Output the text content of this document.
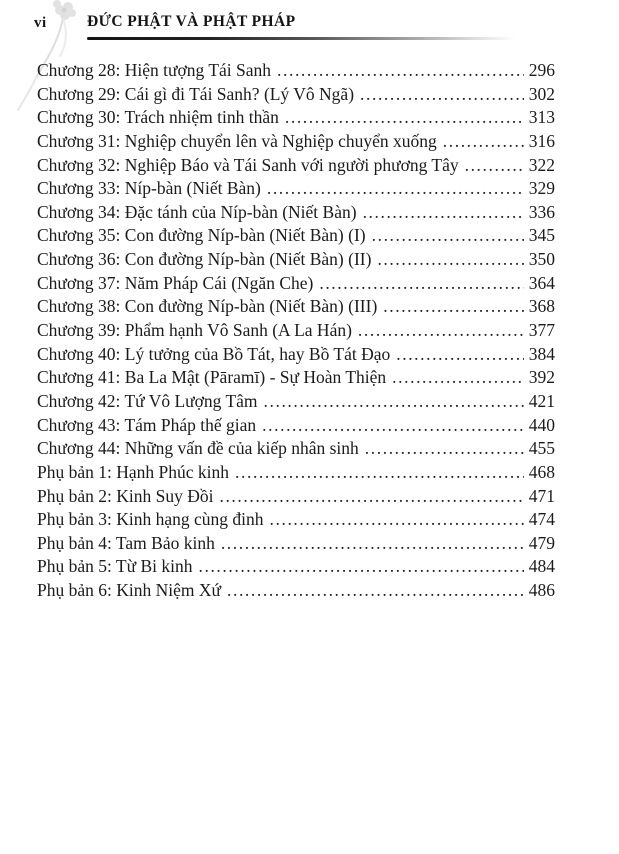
vi	ĐỨC PHẬT VÀ PHẬT PHÁP
Chương 28: Hiện tượng Tái Sanh .....	296
Chương 29: Cái gì đi Tái Sanh? (Lý Vô Ngã) .....	302
Chương 30: Trách nhiệm tinh thần .....	313
Chương 31: Nghiệp chuyển lên và Nghiệp chuyển xuống .....	316
Chương 32: Nghiệp Báo và Tái Sanh với người phương Tây .....	322
Chương 33: Níp-bàn (Niết Bàn) .....	329
Chương 34: Đặc tánh của Níp-bàn (Niết Bàn) .....	336
Chương 35: Con đường Níp-bàn (Niết Bàn) (I) .....	345
Chương 36: Con đường Níp-bàn (Niết Bàn) (II) .....	350
Chương 37: Năm Pháp Cái (Ngăn Che) .....	364
Chương 38: Con đường Níp-bàn (Niết Bàn) (III) .....	368
Chương 39: Phẩm hạnh Vô Sanh (A La Hán) .....	377
Chương 40: Lý tưởng của Bồ Tát, hay Bồ Tát Đạo .....	384
Chương 41: Ba La Mật (Pāramī) - Sự Hoàn Thiện .....	392
Chương 42: Tứ Vô Lượng Tâm .....	421
Chương 43: Tám Pháp thế gian .....	440
Chương 44: Những vấn đề của kiếp nhân sinh .....	455
Phụ bản 1: Hạnh Phúc kinh .....	468
Phụ bản 2: Kinh Suy Đồi .....	471
Phụ bản 3: Kinh hạng cùng đinh .....	474
Phụ bản 4: Tam Bảo kinh .....	479
Phụ bản 5: Từ Bi kinh .....	484
Phụ bản 6: Kinh Niệm Xứ .....	486
